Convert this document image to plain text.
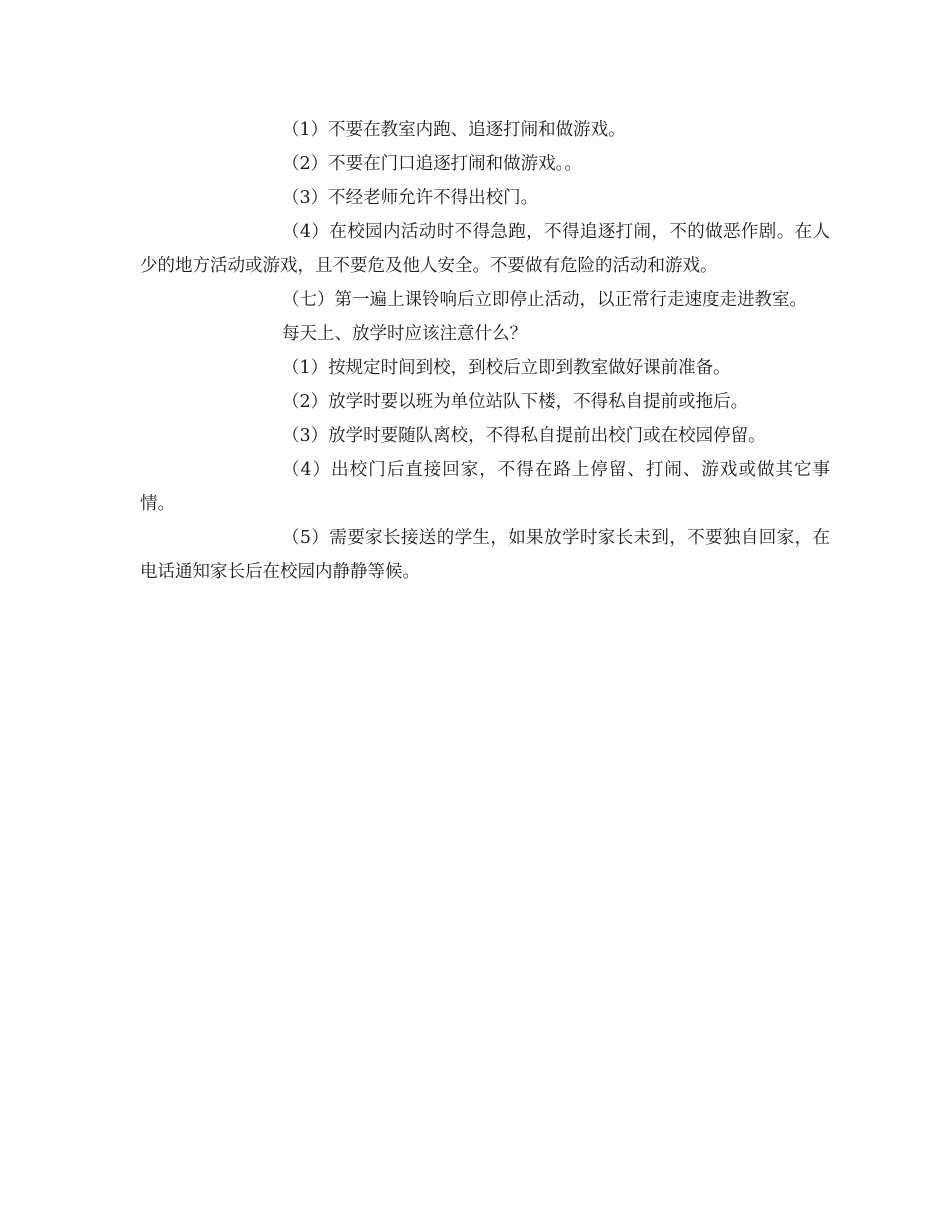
（1）不要在教室内跑、追逐打闹和做游戏。

（2）不要在门口追逐打闹和做游戏。。

（3）不经老师允许不得出校门。

（4）在校园内活动时不得急跑，不得追逐打闹，不的做恶作剧。在人少的地方活动或游戏，且不要危及他人安全。不要做有危险的活动和游戏。

（七）第一遍上课铃响后立即停止活动，以正常行走速度走进教室。

每天上、放学时应该注意什么？

（1）按规定时间到校，到校后立即到教室做好课前准备。

（2）放学时要以班为单位站队下楼，不得私自提前或拖后。

（3）放学时要随队离校，不得私自提前出校门或在校园停留。

（4）出校门后直接回家，不得在路上停留、打闹、游戏或做其它事情。

（5）需要家长接送的学生，如果放学时家长未到，不要独自回家，在电话通知家长后在校园内静静等候。
